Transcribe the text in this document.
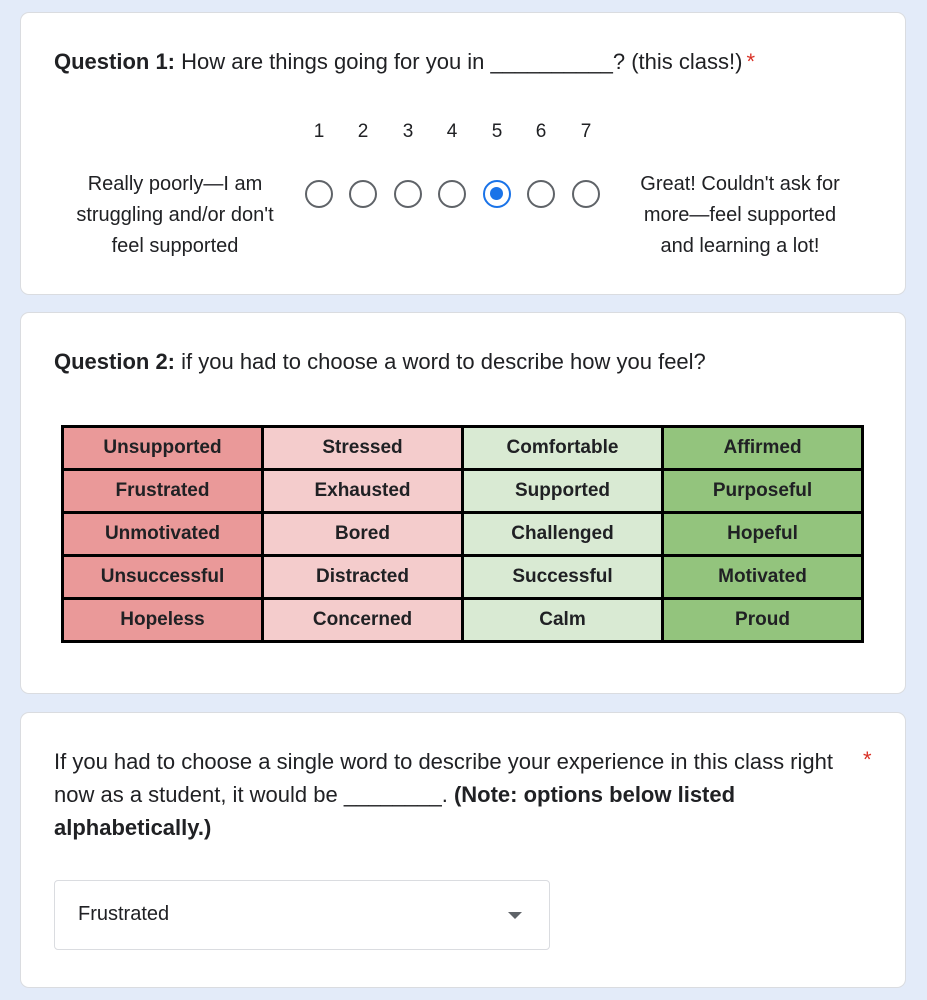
Question 1: How are things going for you in __________? (this class!) *
1	2	3	4	5	6	7
Really poorly—I am struggling and/or don't feel supported
Great! Couldn't ask for more—feel supported and learning a lot!
Question 2: if you had to choose a word to describe how you feel?
Unsupported	Stressed	Comfortable	Affirmed
Frustrated	Exhausted	Supported	Purposeful
Unmotivated	Bored	Challenged	Hopeful
Unsuccessful	Distracted	Successful	Motivated
Hopeless	Concerned	Calm	Proud
If you had to choose a single word to describe your experience in this class right now as a student, it would be ________. (Note: options below listed alphabetically.)
*
Frustrated
